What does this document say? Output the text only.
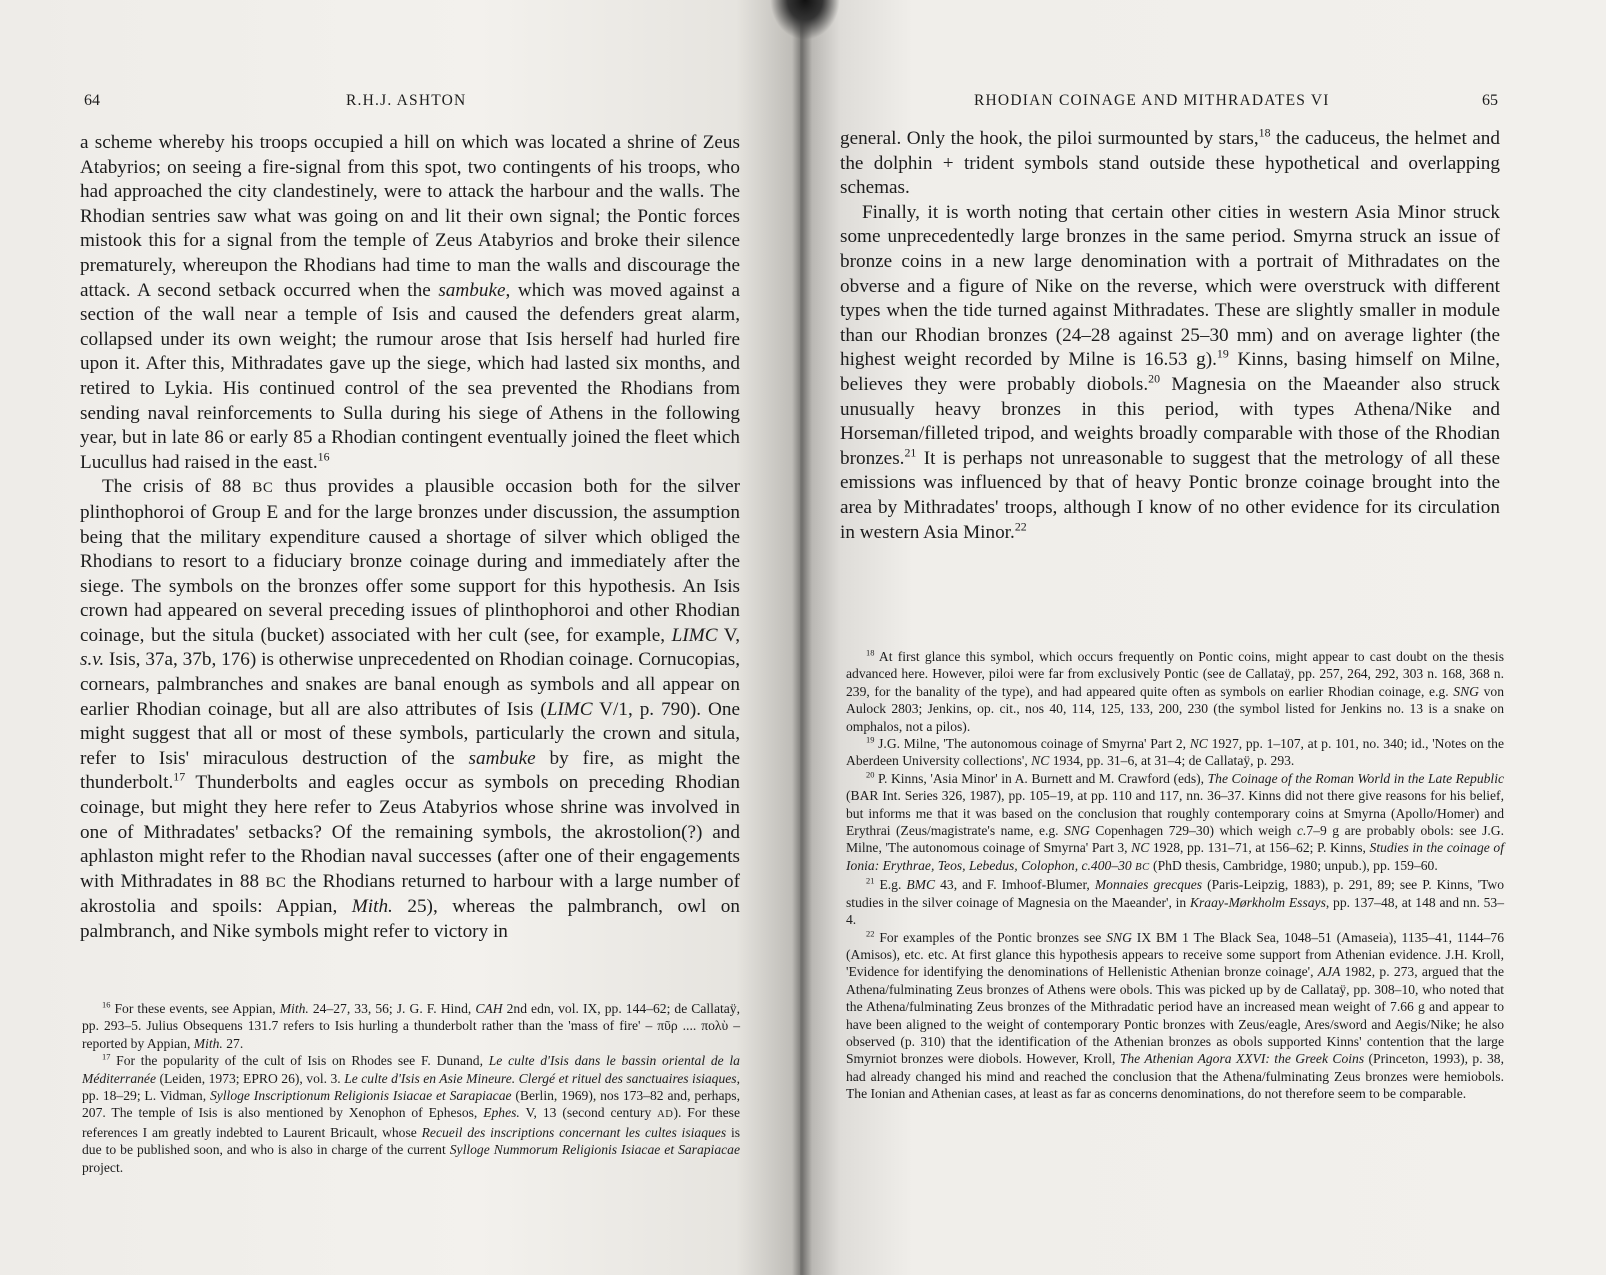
64	R.H.J. ASHTON

a scheme whereby his troops occupied a hill on which was located a shrine of Zeus Atabyrios; on seeing a fire-signal from this spot, two contingents of his troops, who had approached the city clandestinely, were to attack the harbour and the walls. The Rhodian sentries saw what was going on and lit their own signal; the Pontic forces mistook this for a signal from the temple of Zeus Atabyrios and broke their silence prematurely, whereupon the Rhodians had time to man the walls and discourage the attack. A second setback occurred when the sambuke, which was moved against a section of the wall near a temple of Isis and caused the defenders great alarm, collapsed under its own weight; the rumour arose that Isis herself had hurled fire upon it. After this, Mithradates gave up the siege, which had lasted six months, and retired to Lykia. His continued control of the sea prevented the Rhodians from sending naval reinforcements to Sulla during his siege of Athens in the following year, but in late 86 or early 85 a Rhodian contingent eventually joined the fleet which Lucullus had raised in the east.$^{16}$

The crisis of 88 BC thus provides a plausible occasion both for the silver plinthophoroi of Group E and for the large bronzes under discussion, the assumption being that the military expenditure caused a shortage of silver which obliged the Rhodians to resort to a fiduciary bronze coinage during and immediately after the siege. The symbols on the bronzes offer some support for this hypothesis. An Isis crown had appeared on several preceding issues of plinthophoroi and other Rhodian coinage, but the situla (bucket) associated with her cult (see, for example, LIMC V, s.v. Isis, 37a, 37b, 176) is otherwise unprecedented on Rhodian coinage. Cornucopias, cornears, palmbranches and snakes are banal enough as symbols and all appear on earlier Rhodian coinage, but all are also attributes of Isis (LIMC V/1, p. 790). One might suggest that all or most of these symbols, particularly the crown and situla, refer to Isis' miraculous destruction of the sambuke by fire, as might the thunderbolt.$^{17}$ Thunderbolts and eagles occur as symbols on preceding Rhodian coinage, but might they here refer to Zeus Atabyrios whose shrine was involved in one of Mithradates' setbacks? Of the remaining symbols, the akrostolion(?) and aphlaston might refer to the Rhodian naval successes (after one of their engagements with Mithradates in 88 BC the Rhodians returned to harbour with a large number of akrostolia and spoils: Appian, Mith. 25), whereas the palmbranch, owl on palmbranch, and Nike symbols might refer to victory in

$^{16}$ For these events, see Appian, Mith. 24–27, 33, 56; J. G. F. Hind, CAH 2nd edn, vol. IX, pp. 144–62; de Callataÿ, pp. 293–5. Julius Obsequens 131.7 refers to Isis hurling a thunderbolt rather than the 'mass of fire' – πῦρ .... πολὺ – reported by Appian, Mith. 27.

$^{17}$ For the popularity of the cult of Isis on Rhodes see F. Dunand, Le culte d'Isis dans le bassin oriental de la Méditerranée (Leiden, 1973; EPRO 26), vol. 3. Le culte d'Isis en Asie Mineure. Clergé et rituel des sanctuaires isiaques, pp. 18–29; L. Vidman, Sylloge Inscriptionum Religionis Isiacae et Sarapiacae (Berlin, 1969), nos 173–82 and, perhaps, 207. The temple of Isis is also mentioned by Xenophon of Ephesos, Ephes. V, 13 (second century AD). For these references I am greatly indebted to Laurent Bricault, whose Recueil des inscriptions concernant les cultes isiaques is due to be published soon, and who is also in charge of the current Sylloge Nummorum Religionis Isiacae et Sarapiacae project.

RHODIAN COINAGE AND MITHRADATES VI	65

general. Only the hook, the piloi surmounted by stars,$^{18}$ the caduceus, the helmet and the dolphin + trident symbols stand outside these hypothetical and overlapping schemas.

Finally, it is worth noting that certain other cities in western Asia Minor struck some unprecedentedly large bronzes in the same period. Smyrna struck an issue of bronze coins in a new large denomination with a portrait of Mithradates on the obverse and a figure of Nike on the reverse, which were overstruck with different types when the tide turned against Mithradates. These are slightly smaller in module than our Rhodian bronzes (24–28 against 25–30 mm) and on average lighter (the highest weight recorded by Milne is 16.53 g).$^{19}$ Kinns, basing himself on Milne, believes they were probably diobols.$^{20}$ Magnesia on the Maeander also struck unusually heavy bronzes in this period, with types Athena/Nike and Horseman/filleted tripod, and weights broadly comparable with those of the Rhodian bronzes.$^{21}$ It is perhaps not unreasonable to suggest that the metrology of all these emissions was influenced by that of heavy Pontic bronze coinage brought into the area by Mithradates' troops, although I know of no other evidence for its circulation in western Asia Minor.$^{22}$

$^{18}$ At first glance this symbol, which occurs frequently on Pontic coins, might appear to cast doubt on the thesis advanced here. However, piloi were far from exclusively Pontic (see de Callataÿ, pp. 257, 264, 292, 303 n. 168, 368 n. 239, for the banality of the type), and had appeared quite often as symbols on earlier Rhodian coinage, e.g. SNG von Aulock 2803; Jenkins, op. cit., nos 40, 114, 125, 133, 200, 230 (the symbol listed for Jenkins no. 13 is a snake on omphalos, not a pilos).

$^{19}$ J.G. Milne, 'The autonomous coinage of Smyrna' Part 2, NC 1927, pp. 1–107, at p. 101, no. 340; id., 'Notes on the Aberdeen University collections', NC 1934, pp. 31–6, at 31–4; de Callataÿ, p. 293.

$^{20}$ P. Kinns, 'Asia Minor' in A. Burnett and M. Crawford (eds), The Coinage of the Roman World in the Late Republic (BAR Int. Series 326, 1987), pp. 105–19, at pp. 110 and 117, nn. 36–37. Kinns did not there give reasons for his belief, but informs me that it was based on the conclusion that roughly contemporary coins at Smyrna (Apollo/Homer) and Erythrai (Zeus/magistrate's name, e.g. SNG Copenhagen 729–30) which weigh c.7–9 g are probably obols: see J.G. Milne, 'The autonomous coinage of Smyrna' Part 3, NC 1928, pp. 131–71, at 156–62; P. Kinns, Studies in the coinage of Ionia: Erythrae, Teos, Lebedus, Colophon, c.400–30 BC (PhD thesis, Cambridge, 1980; unpub.), pp. 159–60.

$^{21}$ E.g. BMC 43, and F. Imhoof-Blumer, Monnaies grecques (Paris-Leipzig, 1883), p. 291, 89; see P. Kinns, 'Two studies in the silver coinage of Magnesia on the Maeander', in Kraay-Mørkholm Essays, pp. 137–48, at 148 and nn. 53–4.

$^{22}$ For examples of the Pontic bronzes see SNG IX BM 1 The Black Sea, 1048–51 (Amaseia), 1135–41, 1144–76 (Amisos), etc. etc. At first glance this hypothesis appears to receive some support from Athenian evidence. J.H. Kroll, 'Evidence for identifying the denominations of Hellenistic Athenian bronze coinage', AJA 1982, p. 273, argued that the Athena/fulminating Zeus bronzes of Athens were obols. This was picked up by de Callataÿ, pp. 308–10, who noted that the Athena/fulminating Zeus bronzes of the Mithradatic period have an increased mean weight of 7.66 g and appear to have been aligned to the weight of contemporary Pontic bronzes with Zeus/eagle, Ares/sword and Aegis/Nike; he also observed (p. 310) that the identification of the Athenian bronzes as obols supported Kinns' contention that the large Smyrniot bronzes were diobols. However, Kroll, The Athenian Agora XXVI: the Greek Coins (Princeton, 1993), p. 38, had already changed his mind and reached the conclusion that the Athena/fulminating Zeus bronzes were hemiobols. The Ionian and Athenian cases, at least as far as concerns denominations, do not therefore seem to be comparable.
